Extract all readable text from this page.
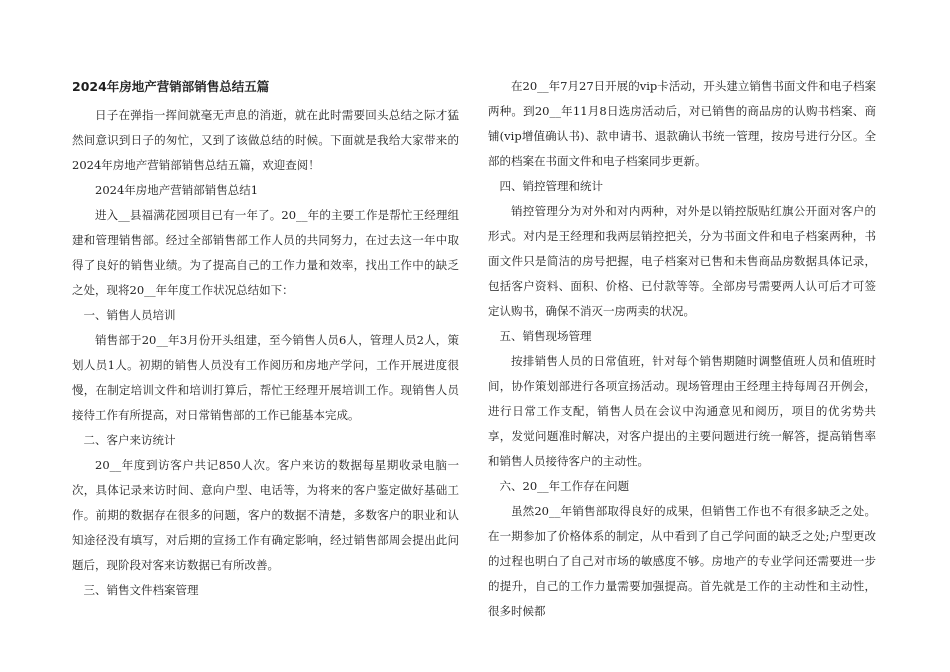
2024年房地产营销部销售总结五篇

日子在弹指一挥间就毫无声息的消逝，就在此时需要回头总结之际才猛然间意识到日子的匆忙，又到了该做总结的时候。下面就是我给大家带来的2024年房地产营销部销售总结五篇，欢迎查阅！

2024年房地产营销部销售总结1

进入__县福满花园项目已有一年了。20__年的主要工作是帮忙王经理组建和管理销售部。经过全部销售部工作人员的共同努力，在过去这一年中取得了良好的销售业绩。为了提高自己的工作力量和效率，找出工作中的缺乏之处，现将20__年年度工作状况总结如下：

一、销售人员培训

销售部于20__年3月份开头组建，至今销售人员6人，管理人员2人，策划人员1人。初期的销售人员没有工作阅历和房地产学问，工作开展进度很慢，在制定培训文件和培训打算后，帮忙王经理开展培训工作。现销售人员接待工作有所提高，对日常销售部的工作已能基本完成。

二、客户来访统计

20__年度到访客户共记850人次。客户来访的数据每星期收录电脑一次，具体记录来访时间、意向户型、电话等，为将来的客户鉴定做好基础工作。前期的数据存在很多的问题，客户的数据不清楚，多数客户的职业和认知途径没有填写，对后期的宣扬工作有确定影响，经过销售部周会提出此问题后，现阶段对客来访数据已有所改善。

三、销售文件档案管理

在20__年7月27日开展的vip卡活动，开头建立销售书面文件和电子档案两种。到20__年11月8日选房活动后，对已销售的商品房的认购书档案、商铺(vip增值确认书)、款申请书、退款确认书统一管理，按房号进行分区。全部的档案在书面文件和电子档案同步更新。

四、销控管理和统计

销控管理分为对外和对内两种，对外是以销控版贴红旗公开面对客户的形式。对内是王经理和我两层销控把关，分为书面文件和电子档案两种，书面文件只是简洁的房号把握，电子档案对已售和未售商品房数据具体记录，包括客户资料、面积、价格、已付款等等。全部房号需要两人认可后才可签定认购书，确保不消灭一房两卖的状况。

五、销售现场管理

按排销售人员的日常值班，针对每个销售期随时调整值班人员和值班时间，协作策划部进行各项宣扬活动。现场管理由王经理主持每周召开例会，进行日常工作支配，销售人员在会议中沟通意见和阅历，项目的优劣势共享，发觉问题准时解决，对客户提出的主要问题进行统一解答，提高销售率和销售人员接待客户的主动性。

六、20__年工作存在问题

虽然20__年销售部取得良好的成果，但销售工作也不有很多缺乏之处。在一期参加了价格体系的制定，从中看到了自己学问面的缺乏之处;户型更改的过程也明白了自己对市场的敏感度不够。房地产的专业学问还需要进一步的提升，自己的工作力量需要加强提高。首先就是工作的主动性和主动性，很多时候都
